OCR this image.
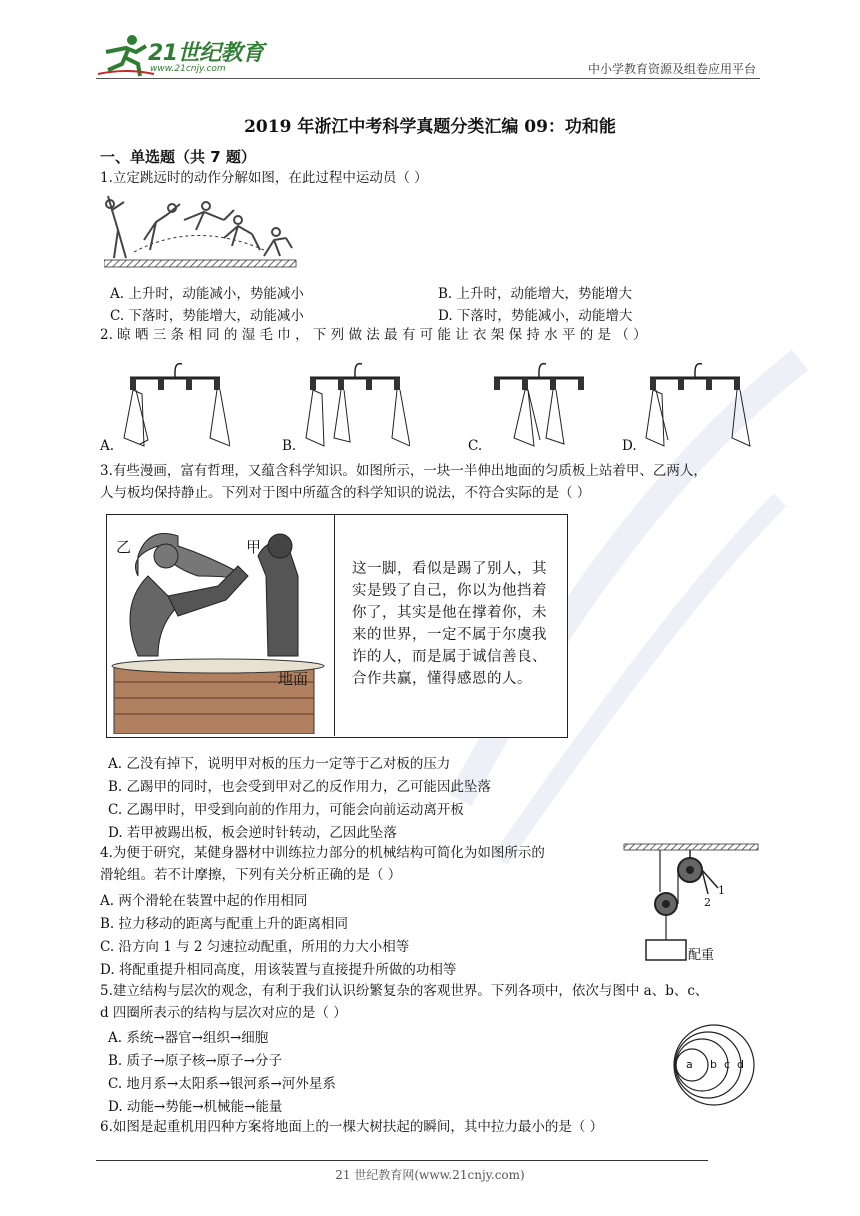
21世纪教育
www.21cnjy.com	中小学教育资源及组卷应用平台
2019 年浙江中考科学真题分类汇编 09：功和能
一、单选题（共 7 题）
1.立定跳远时的动作分解如图，在此过程中运动员（ ）
A. 上升时，动能减小，势能减小	B. 上升时，动能增大，势能增大
C. 下落时，势能增大，动能减小	D. 下落时，势能减小，动能增大
2. 晾 晒 三 条 相 同 的 湿 毛 巾 ， 下 列 做 法 最 有 可 能 让 衣 架 保 持 水 平 的 是 （ ）
A.	B.	C.	D.
3.有些漫画，富有哲理，又蕴含科学知识。如图所示，一块一半伸出地面的匀质板上站着甲、乙两人，
人与板均保持静止。下列对于图中所蕴含的科学知识的说法，不符合实际的是（ ）
乙	甲
地面
这一脚，看似是踢了别人，其实是毁了自己，你以为他挡着你了，其实是他在撑着你，未来的世界，一定不属于尔虞我诈的人，而是属于诚信善良、合作共赢，懂得感恩的人。
A. 乙没有掉下，说明甲对板的压力一定等于乙对板的压力
B. 乙踢甲的同时，也会受到甲对乙的反作用力，乙可能因此坠落
C. 乙踢甲时，甲受到向前的作用力，可能会向前运动离开板
D. 若甲被踢出板，板会逆时针转动，乙因此坠落
4.为便于研究，某健身器材中训练拉力部分的机械结构可简化为如图所示的
滑轮组。若不计摩擦，下列有关分析正确的是（ ）
A. 两个滑轮在装置中起的作用相同
B. 拉力移动的距离与配重上升的距离相同
C. 沿方向 1 与 2 匀速拉动配重，所用的力大小相等
D. 将配重提升相同高度，用该装置与直接提升所做的功相等
1
2
配重
5.建立结构与层次的观念，有利于我们认识纷繁复杂的客观世界。下列各项中，依次与图中 a、b、c、
d 四圈所表示的结构与层次对应的是（ ）
A. 系统→器官→组织→细胞
B. 质子→原子核→原子→分子
C. 地月系→太阳系→银河系→河外星系
D. 动能→势能→机械能→能量
a b c d
6.如图是起重机用四种方案将地面上的一棵大树扶起的瞬间，其中拉力最小的是（ ）
21 世纪教育网(www.21cnjy.com)
